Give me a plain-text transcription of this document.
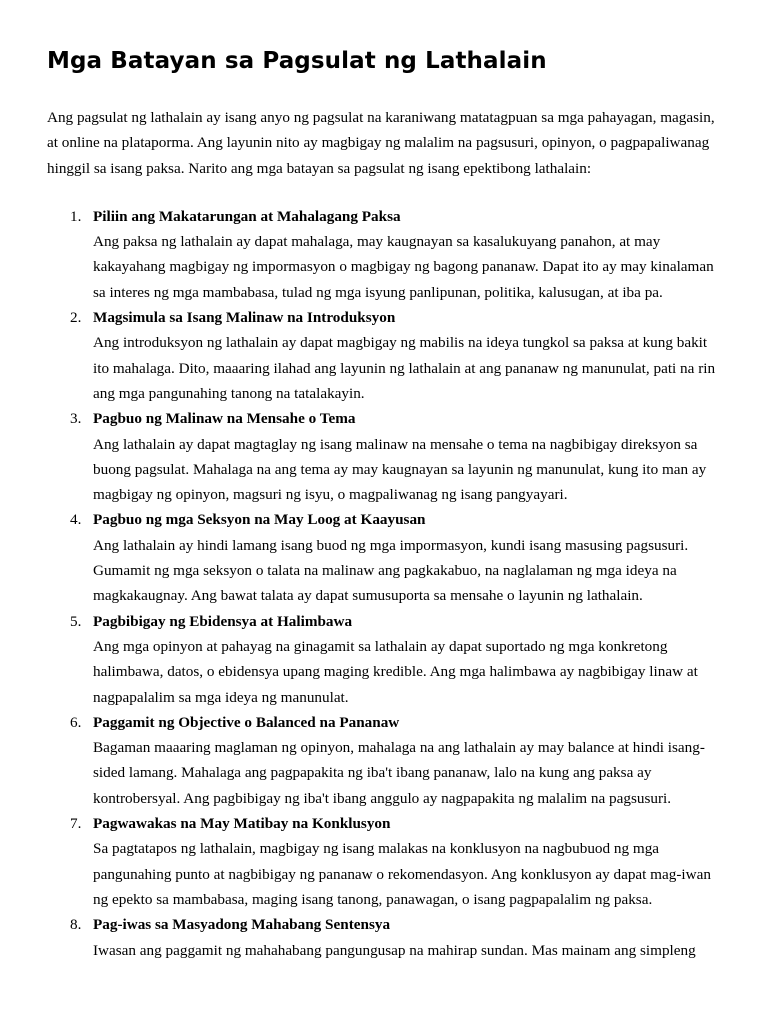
Mga Batayan sa Pagsulat ng Lathalain

Ang pagsulat ng lathalain ay isang anyo ng pagsulat na karaniwang matatagpuan sa mga pahayagan, magasin, at online na plataporma. Ang layunin nito ay magbigay ng malalim na pagsusuri, opinyon, o pagpapaliwanag hinggil sa isang paksa. Narito ang mga batayan sa pagsulat ng isang epektibong lathalain:

1. Piliin ang Makatarungan at Mahalagang Paksa
Ang paksa ng lathalain ay dapat mahalaga, may kaugnayan sa kasalukuyang panahon, at may kakayahang magbigay ng impormasyon o magbigay ng bagong pananaw. Dapat ito ay may kinalaman sa interes ng mga mambabasa, tulad ng mga isyung panlipunan, politika, kalusugan, at iba pa.
2. Magsimula sa Isang Malinaw na Introduksyon
Ang introduksyon ng lathalain ay dapat magbigay ng mabilis na ideya tungkol sa paksa at kung bakit ito mahalaga. Dito, maaaring ilahad ang layunin ng lathalain at ang pananaw ng manunulat, pati na rin ang mga pangunahing tanong na tatalakayin.
3. Pagbuo ng Malinaw na Mensahe o Tema
Ang lathalain ay dapat magtaglay ng isang malinaw na mensahe o tema na nagbibigay direksyon sa buong pagsulat. Mahalaga na ang tema ay may kaugnayan sa layunin ng manunulat, kung ito man ay magbigay ng opinyon, magsuri ng isyu, o magpaliwanag ng isang pangyayari.
4. Pagbuo ng mga Seksyon na May Loog at Kaayusan
Ang lathalain ay hindi lamang isang buod ng mga impormasyon, kundi isang masusing pagsusuri. Gumamit ng mga seksyon o talata na malinaw ang pagkakabuo, na naglalaman ng mga ideya na magkakaugnay. Ang bawat talata ay dapat sumusuporta sa mensahe o layunin ng lathalain.
5. Pagbibigay ng Ebidensya at Halimbawa
Ang mga opinyon at pahayag na ginagamit sa lathalain ay dapat suportado ng mga konkretong halimbawa, datos, o ebidensya upang maging kredible. Ang mga halimbawa ay nagbibigay linaw at nagpapalalim sa mga ideya ng manunulat.
6. Paggamit ng Objective o Balanced na Pananaw
Bagaman maaaring maglaman ng opinyon, mahalaga na ang lathalain ay may balance at hindi isang-sided lamang. Mahalaga ang pagpapakita ng iba't ibang pananaw, lalo na kung ang paksa ay kontrobersyal. Ang pagbibigay ng iba't ibang anggulo ay nagpapakita ng malalim na pagsusuri.
7. Pagwawakas na May Matibay na Konklusyon
Sa pagtatapos ng lathalain, magbigay ng isang malakas na konklusyon na nagbubuod ng mga pangunahing punto at nagbibigay ng pananaw o rekomendasyon. Ang konklusyon ay dapat mag-iwan ng epekto sa mambabasa, maging isang tanong, panawagan, o isang pagpapalalim ng paksa.
8. Pag-iwas sa Masyadong Mahabang Sentensya
Iwasan ang paggamit ng mahahabang pangungusap na mahirap sundan. Mas mainam ang simpleng
